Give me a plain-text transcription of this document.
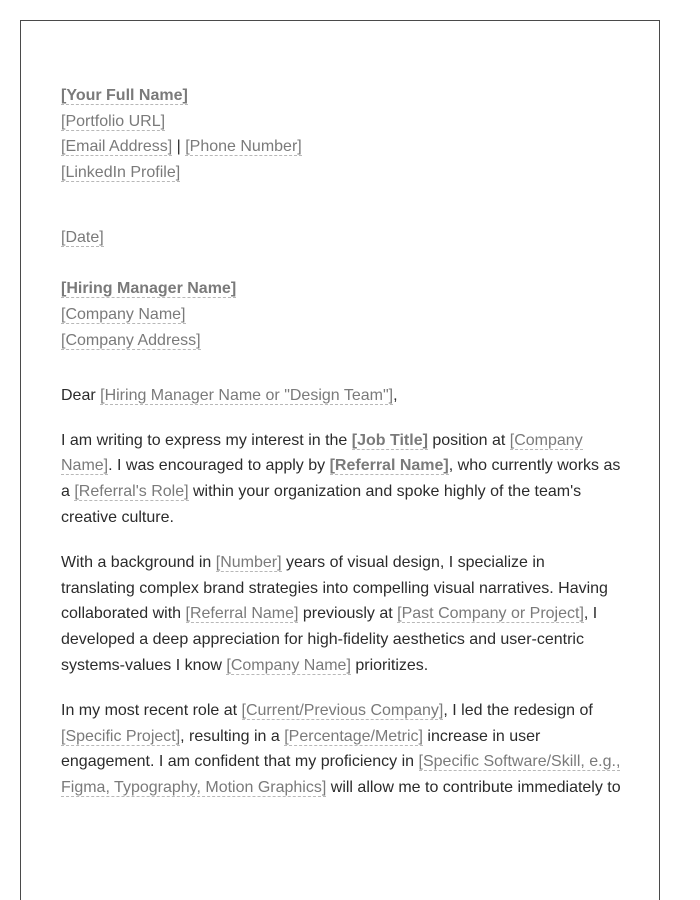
[Your Full Name]
[Portfolio URL]
[Email Address] | [Phone Number]
[LinkedIn Profile]
[Date]
[Hiring Manager Name]
[Company Name]
[Company Address]
Dear [Hiring Manager Name or "Design Team"],
I am writing to express my interest in the [Job Title] position at [Company
Name]. I was encouraged to apply by [Referral Name], who currently works as
a [Referral's Role] within your organization and spoke highly of the team's
creative culture.
With a background in [Number] years of visual design, I specialize in
translating complex brand strategies into compelling visual narratives. Having
collaborated with [Referral Name] previously at [Past Company or Project], I
developed a deep appreciation for high-fidelity aesthetics and user-centric
systems-values I know [Company Name] prioritizes.
In my most recent role at [Current/Previous Company], I led the redesign of
[Specific Project], resulting in a [Percentage/Metric] increase in user
engagement. I am confident that my proficiency in [Specific Software/Skill, e.g.,
Figma, Typography, Motion Graphics] will allow me to contribute immediately to
